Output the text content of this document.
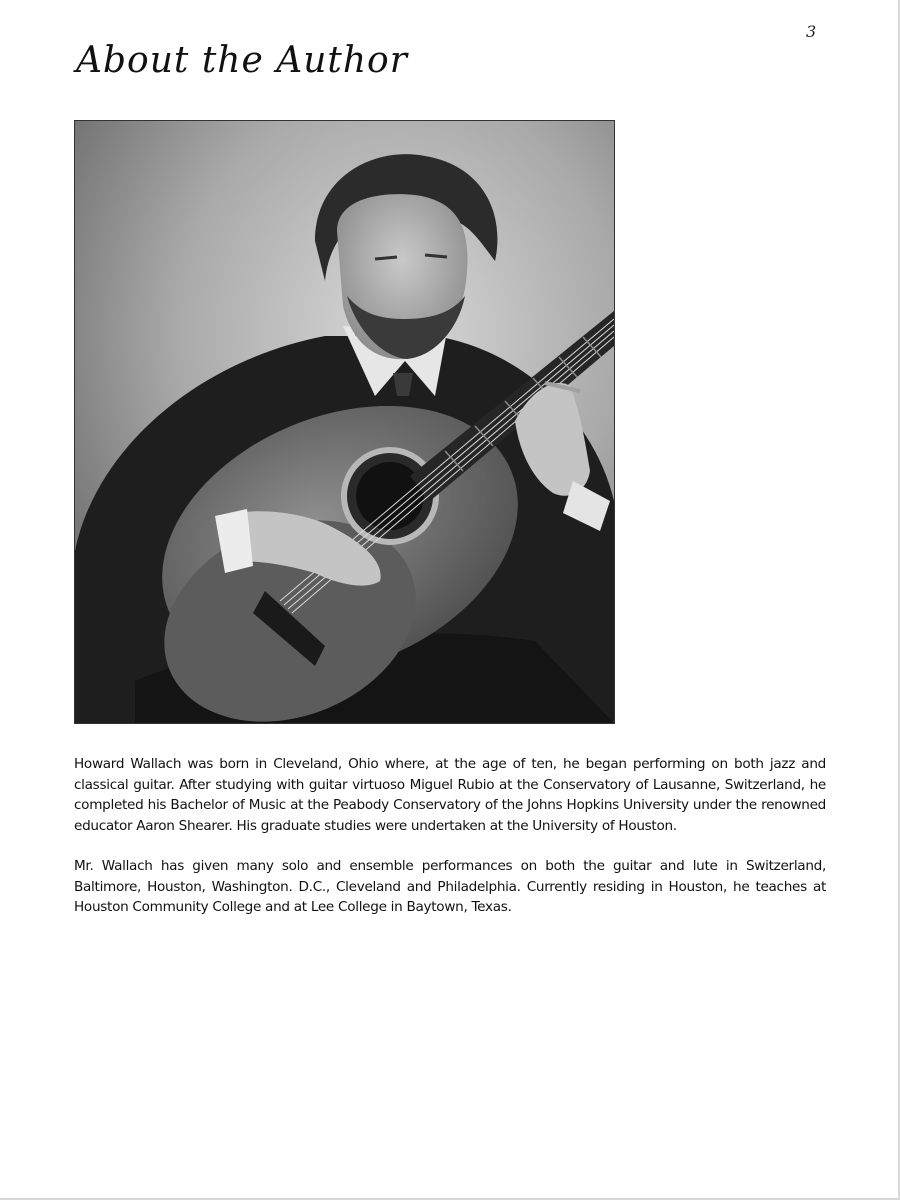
3
About the Author

Howard Wallach was born in Cleveland, Ohio where, at the age of ten, he began performing on both jazz and classical guitar. After studying with guitar virtuoso Miguel Rubio at the Conservatory of Lausanne, Switzerland, he completed his Bachelor of Music at the Peabody Conservatory of the Johns Hopkins University under the renowned educator Aaron Shearer. His graduate studies were undertaken at the University of Houston.

Mr. Wallach has given many solo and ensemble performances on both the guitar and lute in Switzerland, Baltimore, Houston, Washington. D.C., Cleveland and Philadelphia. Currently residing in Houston, he teaches at Houston Community College and at Lee College in Baytown, Texas.
